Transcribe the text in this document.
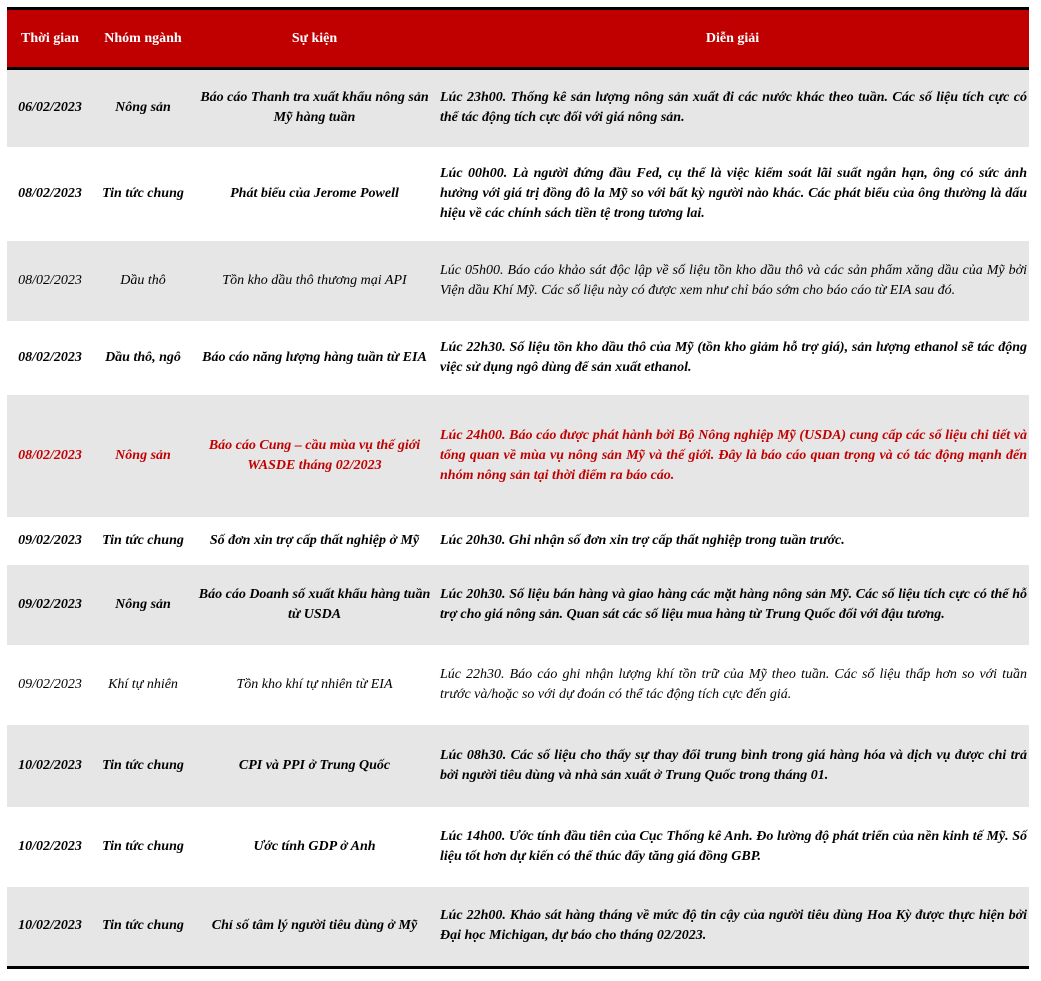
Thời gian	Nhóm ngành	Sự kiện	Diễn giải
06/02/2023	Nông sản	Báo cáo Thanh tra xuất khẩu nông sản Mỹ hàng tuần	Lúc 23h00. Thống kê sản lượng nông sản xuất đi các nước khác theo tuần. Các số liệu tích cực có thể tác động tích cực đối với giá nông sản.
08/02/2023	Tin tức chung	Phát biểu của Jerome Powell	Lúc 00h00. Là người đứng đầu Fed, cụ thể là việc kiểm soát lãi suất ngắn hạn, ông có sức ảnh hưởng với giá trị đồng đô la Mỹ so với bất kỳ người nào khác. Các phát biểu của ông thường là dấu hiệu về các chính sách tiền tệ trong tương lai.
08/02/2023	Dầu thô	Tồn kho dầu thô thương mại API	Lúc 05h00. Báo cáo khảo sát độc lập về số liệu tồn kho dầu thô và các sản phẩm xăng dầu của Mỹ bởi Viện dầu Khí Mỹ. Các số liệu này có được xem như chỉ báo sớm cho báo cáo từ EIA sau đó.
08/02/2023	Dầu thô, ngô	Báo cáo năng lượng hàng tuần từ EIA	Lúc 22h30. Số liệu tồn kho dầu thô của Mỹ (tồn kho giảm hỗ trợ giá), sản lượng ethanol sẽ tác động việc sử dụng ngô dùng để sản xuất ethanol.
08/02/2023	Nông sản	Báo cáo Cung – cầu mùa vụ thế giới WASDE tháng 02/2023	Lúc 24h00. Báo cáo được phát hành bởi Bộ Nông nghiệp Mỹ (USDA) cung cấp các số liệu chi tiết và tổng quan về mùa vụ nông sản Mỹ và thế giới. Đây là báo cáo quan trọng và có tác động mạnh đến nhóm nông sản tại thời điểm ra báo cáo.
09/02/2023	Tin tức chung	Số đơn xin trợ cấp thất nghiệp ở Mỹ	Lúc 20h30. Ghi nhận số đơn xin trợ cấp thất nghiệp trong tuần trước.
09/02/2023	Nông sản	Báo cáo Doanh số xuất khẩu hàng tuần từ USDA	Lúc 20h30. Số liệu bán hàng và giao hàng các mặt hàng nông sản Mỹ. Các số liệu tích cực có thể hỗ trợ cho giá nông sản. Quan sát các số liệu mua hàng từ Trung Quốc đối với đậu tương.
09/02/2023	Khí tự nhiên	Tồn kho khí tự nhiên từ EIA	Lúc 22h30. Báo cáo ghi nhận lượng khí tồn trữ của Mỹ theo tuần. Các số liệu thấp hơn so với tuần trước và/hoặc so với dự đoán có thể tác động tích cực đến giá.
10/02/2023	Tin tức chung	CPI và PPI ở Trung Quốc	Lúc 08h30. Các số liệu cho thấy sự thay đổi trung bình trong giá hàng hóa và dịch vụ được chi trả bởi người tiêu dùng và nhà sản xuất ở Trung Quốc trong tháng 01.
10/02/2023	Tin tức chung	Ước tính GDP ở Anh	Lúc 14h00. Ước tính đầu tiên của Cục Thống kê Anh. Đo lường độ phát triển của nền kinh tế Mỹ. Số liệu tốt hơn dự kiến có thể thúc đẩy tăng giá đồng GBP.
10/02/2023	Tin tức chung	Chỉ số tâm lý người tiêu dùng ở Mỹ	Lúc 22h00. Khảo sát hàng tháng về mức độ tin cậy của người tiêu dùng Hoa Kỳ được thực hiện bởi Đại học Michigan, dự báo cho tháng 02/2023.
